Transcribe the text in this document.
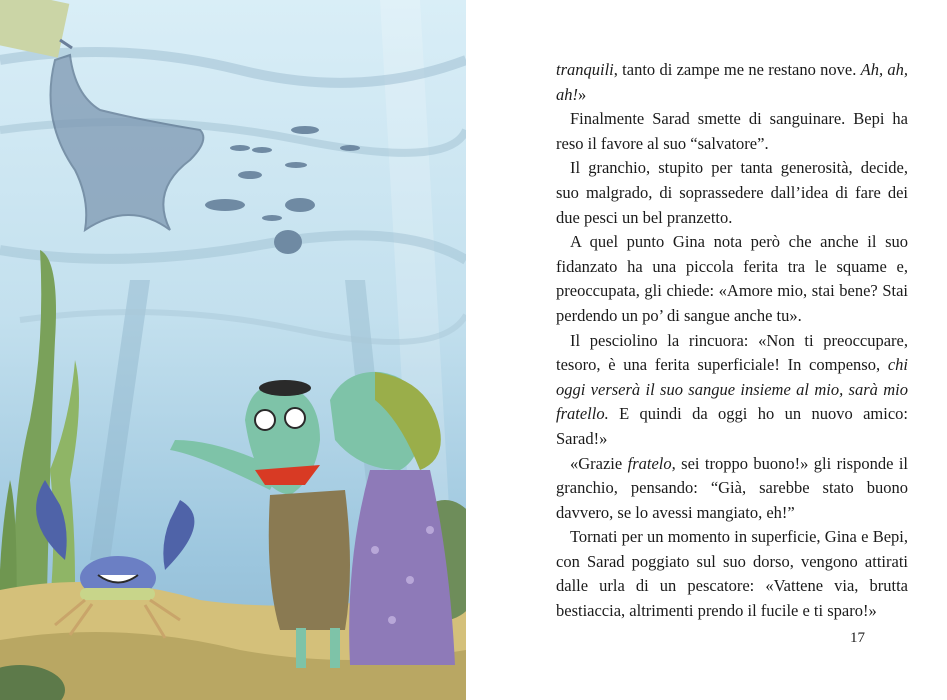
tranquili, tanto di zampe me ne restano nove. Ah, ah, ah!»

Finalmente Sarad smette di sanguinare. Bepi ha reso il favore al suo “salvatore”.

Il granchio, stupito per tanta generosità, decide, suo malgrado, di soprassedere dall’idea di fare dei due pesci un bel pranzetto.

A quel punto Gina nota però che anche il suo fidanzato ha una piccola ferita tra le squame e, preoccupata, gli chiede: «Amore mio, stai bene? Stai perdendo un po’ di sangue anche tu».

Il pesciolino la rincuora: «Non ti preoccupare, tesoro, è una ferita superficiale! In compenso, chi oggi verserà il suo sangue insieme al mio, sarà mio fratello. E quindi da oggi ho un nuovo amico: Sarad!»

«Grazie fratelo, sei troppo buono!» gli risponde il granchio, pensando: “Già, sarebbe stato buono davvero, se lo avessi mangiato, eh!”

Tornati per un momento in superficie, Gina e Bepi, con Sarad poggiato sul suo dorso, vengono attirati dalle urla di un pescatore: «Vattene via, brutta bestiaccia, altrimenti prendo il fucile e ti sparo!»

17
